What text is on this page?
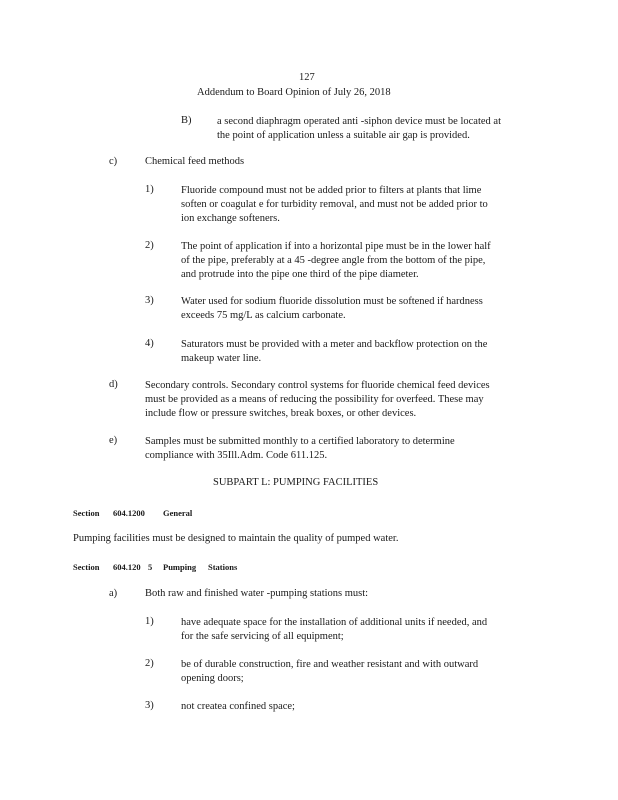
127
Addendum to Board Opinion of July 26, 2018
B) a second diaphragm operated anti -siphon device must be located at
the point of application unless a suitable air gap is provided.
c)	Chemical feed methods
1)	Fluoride compound must not be added prior to filters at plants that lime
soften or coagulat e for turbidity removal, and must not be added prior to
ion exchange softeners.
2)	The point of application if into a horizontal pipe must be in the lower half
of the pipe, preferably at a 45 -degree angle from the bottom of the pipe,
and protrude into the pipe one third of the pipe diameter.
3)	Water used for sodium fluoride dissolution must be softened if hardness
exceeds 75 mg/L as calcium carbonate.
4)	Saturators must be provided with a meter and backflow protection on the
makeup water line.
d)	Secondary controls. Secondary control systems for fluoride chemical feed devices
must be provided as a means of reducing the possibility for overfeed. These may
include flow or pressure switches, break boxes, or other devices.
e)	Samples must be submitted monthly to a certified laboratory to determine
compliance with 35Ill.Adm. Code 611.125.
SUBPART L: PUMPING FACILITIES
Section 604.1200 General
Pumping facilities must be designed to maintain the quality of pumped water.
Section 604.120 5 Pumping Stations
a)	Both raw and finished water -pumping stations must:
1)	have adequate space for the installation of additional units if needed, and
for the safe servicing of all equipment;
2)	be of durable construction, fire and weather resistant and with outward
opening doors;
3)	not createa confined space;
